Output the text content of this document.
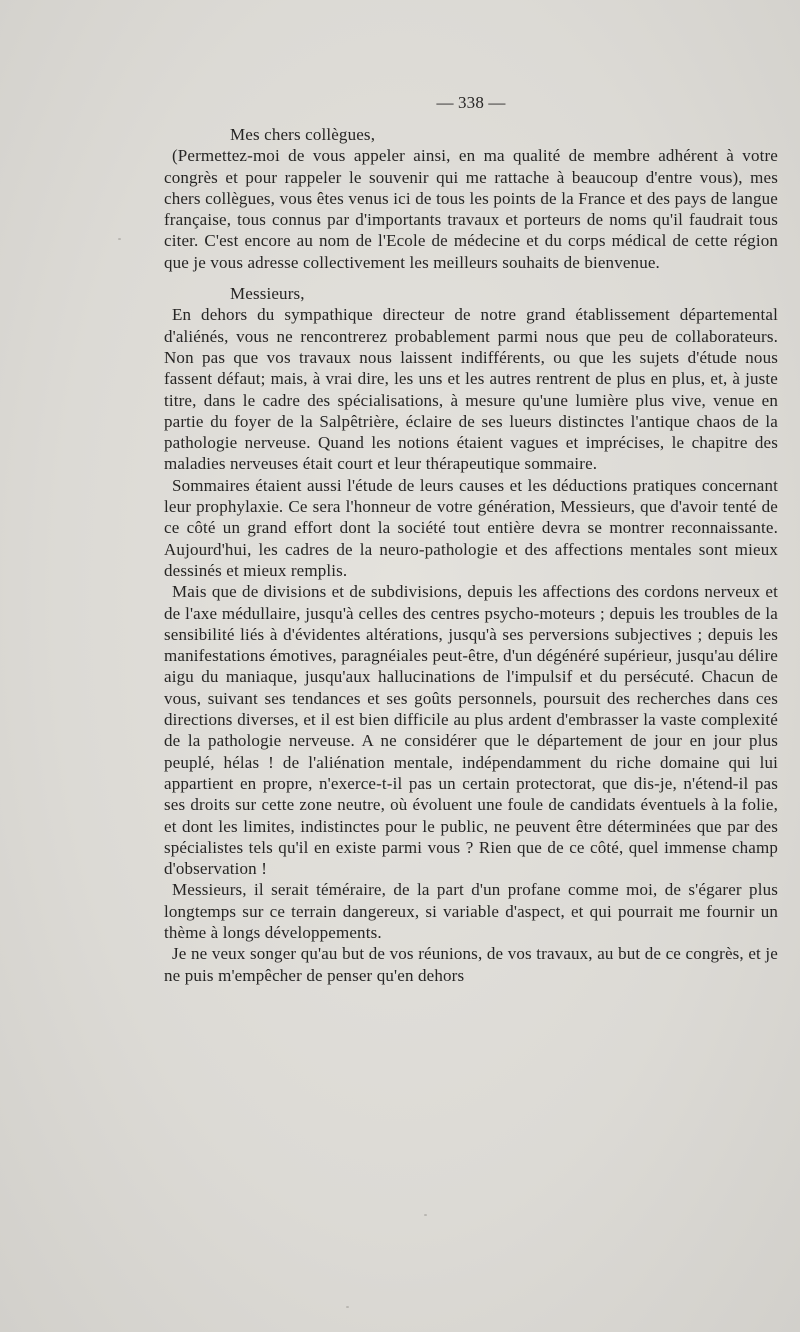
— 338 —

Mes chers collègues,

(Permettez-moi de vous appeler ainsi, en ma qualité de membre adhérent à votre congrès et pour rappeler le souvenir qui me rattache à beaucoup d'entre vous), mes chers collègues, vous êtes venus ici de tous les points de la France et des pays de langue française, tous connus par d'importants travaux et porteurs de noms qu'il faudrait tous citer. C'est encore au nom de l'Ecole de médecine et du corps médical de cette région que je vous adresse collectivement les meilleurs souhaits de bienvenue.

Messieurs,

En dehors du sympathique directeur de notre grand établissement départemental d'aliénés, vous ne rencontrerez probablement parmi nous que peu de collaborateurs. Non pas que vos travaux nous laissent indifférents, ou que les sujets d'étude nous fassent défaut; mais, à vrai dire, les uns et les autres rentrent de plus en plus, et, à juste titre, dans le cadre des spécialisations, à mesure qu'une lumière plus vive, venue en partie du foyer de la Salpêtrière, éclaire de ses lueurs distinctes l'antique chaos de la pathologie nerveuse. Quand les notions étaient vagues et imprécises, le chapitre des maladies nerveuses était court et leur thérapeutique sommaire.

Sommaires étaient aussi l'étude de leurs causes et les déductions pratiques concernant leur prophylaxie. Ce sera l'honneur de votre génération, Messieurs, que d'avoir tenté de ce côté un grand effort dont la société tout entière devra se montrer reconnaissante. Aujourd'hui, les cadres de la neuro-pathologie et des affections mentales sont mieux dessinés et mieux remplis.

Mais que de divisions et de subdivisions, depuis les affections des cordons nerveux et de l'axe médullaire, jusqu'à celles des centres psycho-moteurs ; depuis les troubles de la sensibilité liés à d'évidentes altérations, jusqu'à ses perversions subjectives ; depuis les manifestations émotives, paragnéiales peut-être, d'un dégénéré supérieur, jusqu'au délire aigu du maniaque, jusqu'aux hallucinations de l'impulsif et du persécuté. Chacun de vous, suivant ses tendances et ses goûts personnels, poursuit des recherches dans ces directions diverses, et il est bien difficile au plus ardent d'embrasser la vaste complexité de la pathologie nerveuse. A ne considérer que le département de jour en jour plus peuplé, hélas ! de l'aliénation mentale, indépendamment du riche domaine qui lui appartient en propre, n'exerce-t-il pas un certain protectorat, que dis-je, n'étend-il pas ses droits sur cette zone neutre, où évoluent une foule de candidats éventuels à la folie, et dont les limites, indistinctes pour le public, ne peuvent être déterminées que par des spécialistes tels qu'il en existe parmi vous ? Rien que de ce côté, quel immense champ d'observation !

Messieurs, il serait téméraire, de la part d'un profane comme moi, de s'égarer plus longtemps sur ce terrain dangereux, si variable d'aspect, et qui pourrait me fournir un thème à longs développements.

Je ne veux songer qu'au but de vos réunions, de vos travaux, au but de ce congrès, et je ne puis m'empêcher de penser qu'en dehors
